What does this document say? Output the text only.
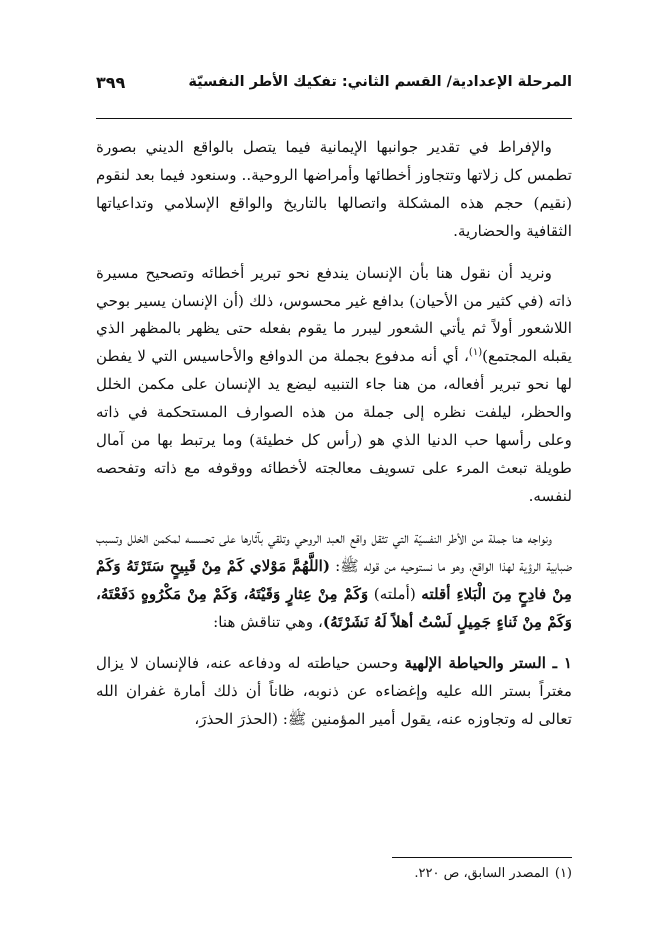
المرحلة الإعدادية/ القسم الثاني: تفكيك الأطر النفسيّة
٣٩٩

والإفراط في تقدير جوانبها الإيمانية فيما يتصل بالواقع الديني بصورة تطمس كل زلاتها وتتجاوز أخطائها وأمراضها الروحية.. وسنعود فيما بعد لنقوم (نقيم) حجم هذه المشكلة واتصالها بالتاريخ والواقع الإسلامي وتداعياتها الثقافية والحضارية.

ونريد أن نقول هنا بأن الإنسان يندفع نحو تبرير أخطائه وتصحيح مسيرة ذاته (في كثير من الأحيان) بدافع غير محسوس، ذلك (أن الإنسان يسير بوحي اللاشعور أولاً ثم يأتي الشعور ليبرر ما يقوم بفعله حتى يظهر بالمظهر الذي يقبله المجتمع)$^{(١)}$، أي أنه مدفوع بجملة من الدوافع والأحاسيس التي لا يفطن لها نحو تبرير أفعاله، من هنا جاء التنبيه ليضع يد الإنسان على مكمن الخلل والحظر، ليلفت نظره إلى جملة من هذه الصوارف المستحكمة في ذاته وعلى رأسها حب الدنيا الذي هو (رأس كل خطيئة) وما يرتبط بها من آمال طويلة تبعث المرء على تسويف معالجته لأخطائه ووقوفه مع ذاته وتفحصه لنفسه.

ونواجه هنا جملة من الأطر النفسيّة التي تثقل واقع العبد الروحي وتلقي بآثارها على تحسسه لمكمن الخلل وتسبب ضبابية الرؤية لهذا الواقع، وهو ما نستوحيه من قوله ﷺ: (اللَّهُمَّ مَوْلاي كَمْ مِنْ قَبِيحٍ سَتَرْتَهُ وَكَمْ مِنْ فادِحٍ مِنَ الْبَلاءِ أقلته (أملته) وَكَمْ مِنْ عِثارٍ وَقَيْتَهُ، وَكَمْ مِنْ مَكْرُوهٍ دَفَعْتَهُ، وَكَمْ مِنْ ثَناءٍ جَمِيلٍ لَسْتُ أهلاً لَهُ نَشَرْتَهُ)، وهي تناقش هنا:

١ ـ الستر والحياطة الإلهية وحسن حياطته له ودفاعه عنه، فالإنسان لا يزال مغتراً بستر الله عليه وإغضاءه عن ذنوبه، ظاناً أن ذلك أمارة غفران الله تعالى له وتجاوزه عنه، يقول أمير المؤمنين ﷺ: (الحذرَ الحذرَ،

(١)المصدر السابق، ص ٢٢٠.
